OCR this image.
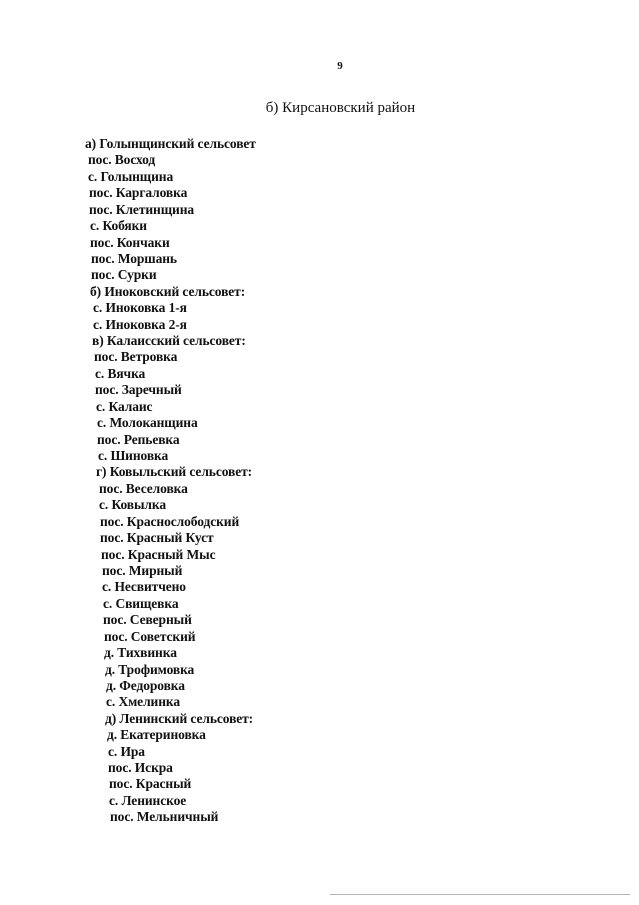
9
б) Кирсановский район
а) Голынщинский сельсовет
пос. Восход
с. Голынщина
пос. Каргаловка
пос. Клетинщина
с. Кобяки
пос. Кончаки
пос. Моршань
пос. Сурки
б) Иноковский сельсовет:
с. Иноковка 1-я
с. Иноковка 2-я
в) Калаисский сельсовет:
пос. Ветровка
с. Вячка
пос. Заречный
с. Калаис
с. Молоканщина
пос. Репьевка
с. Шиновка
г) Ковыльский сельсовет:
пос. Веселовка
с. Ковылка
пос. Краснослободский
пос. Красный Куст
пос. Красный Мыс
пос. Мирный
с. Несвитчено
с. Свищевка
пос. Северный
пос. Советский
д. Тихвинка
д. Трофимовка
д. Федоровка
с. Хмелинка
д) Ленинский сельсовет:
д. Екатериновка
с. Ира
пос. Искра
пос. Красный
с. Ленинское
пос. Мельничный
